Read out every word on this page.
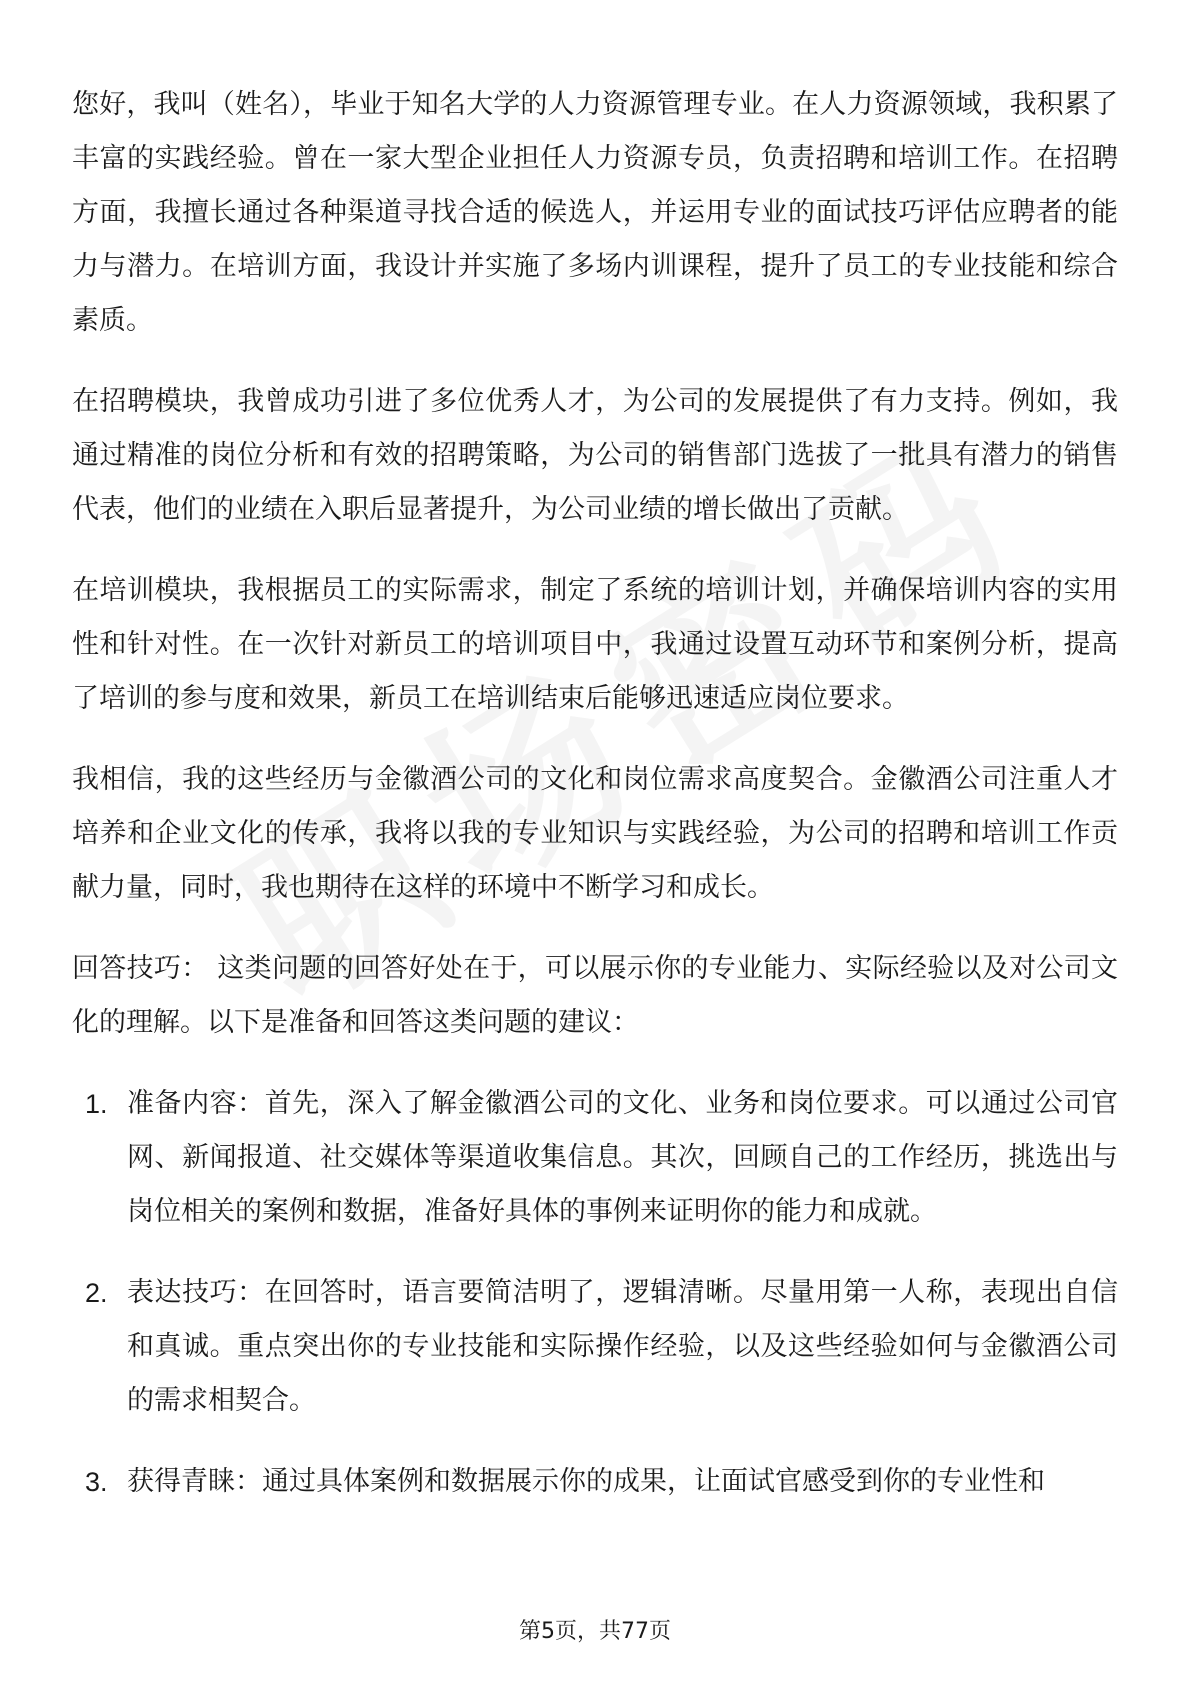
您好，我叫（姓名），毕业于知名大学的人力资源管理专业。在人力资源领域，我积累了丰富的实践经验。曾在一家大型企业担任人力资源专员，负责招聘和培训工作。在招聘方面，我擅长通过各种渠道寻找合适的候选人，并运用专业的面试技巧评估应聘者的能力与潜力。在培训方面，我设计并实施了多场内训课程，提升了员工的专业技能和综合素质。

在招聘模块，我曾成功引进了多位优秀人才，为公司的发展提供了有力支持。例如，我通过精准的岗位分析和有效的招聘策略，为公司的销售部门选拔了一批具有潜力的销售代表，他们的业绩在入职后显著提升，为公司业绩的增长做出了贡献。

在培训模块，我根据员工的实际需求，制定了系统的培训计划，并确保培训内容的实用性和针对性。在一次针对新员工的培训项目中，我通过设置互动环节和案例分析，提高了培训的参与度和效果，新员工在培训结束后能够迅速适应岗位要求。

我相信，我的这些经历与金徽酒公司的文化和岗位需求高度契合。金徽酒公司注重人才培养和企业文化的传承，我将以我的专业知识与实践经验，为公司的招聘和培训工作贡献力量，同时，我也期待在这样的环境中不断学习和成长。

回答技巧： 这类问题的回答好处在于，可以展示你的专业能力、实际经验以及对公司文化的理解。以下是准备和回答这类问题的建议：

1. 准备内容：首先，深入了解金徽酒公司的文化、业务和岗位要求。可以通过公司官网、新闻报道、社交媒体等渠道收集信息。其次，回顾自己的工作经历，挑选出与岗位相关的案例和数据，准备好具体的事例来证明你的能力和成就。
2. 表达技巧：在回答时，语言要简洁明了，逻辑清晰。尽量用第一人称，表现出自信和真诚。重点突出你的专业技能和实际操作经验，以及这些经验如何与金徽酒公司的需求相契合。
3. 获得青睐：通过具体案例和数据展示你的成果，让面试官感受到你的专业性和
第5页，共77页
